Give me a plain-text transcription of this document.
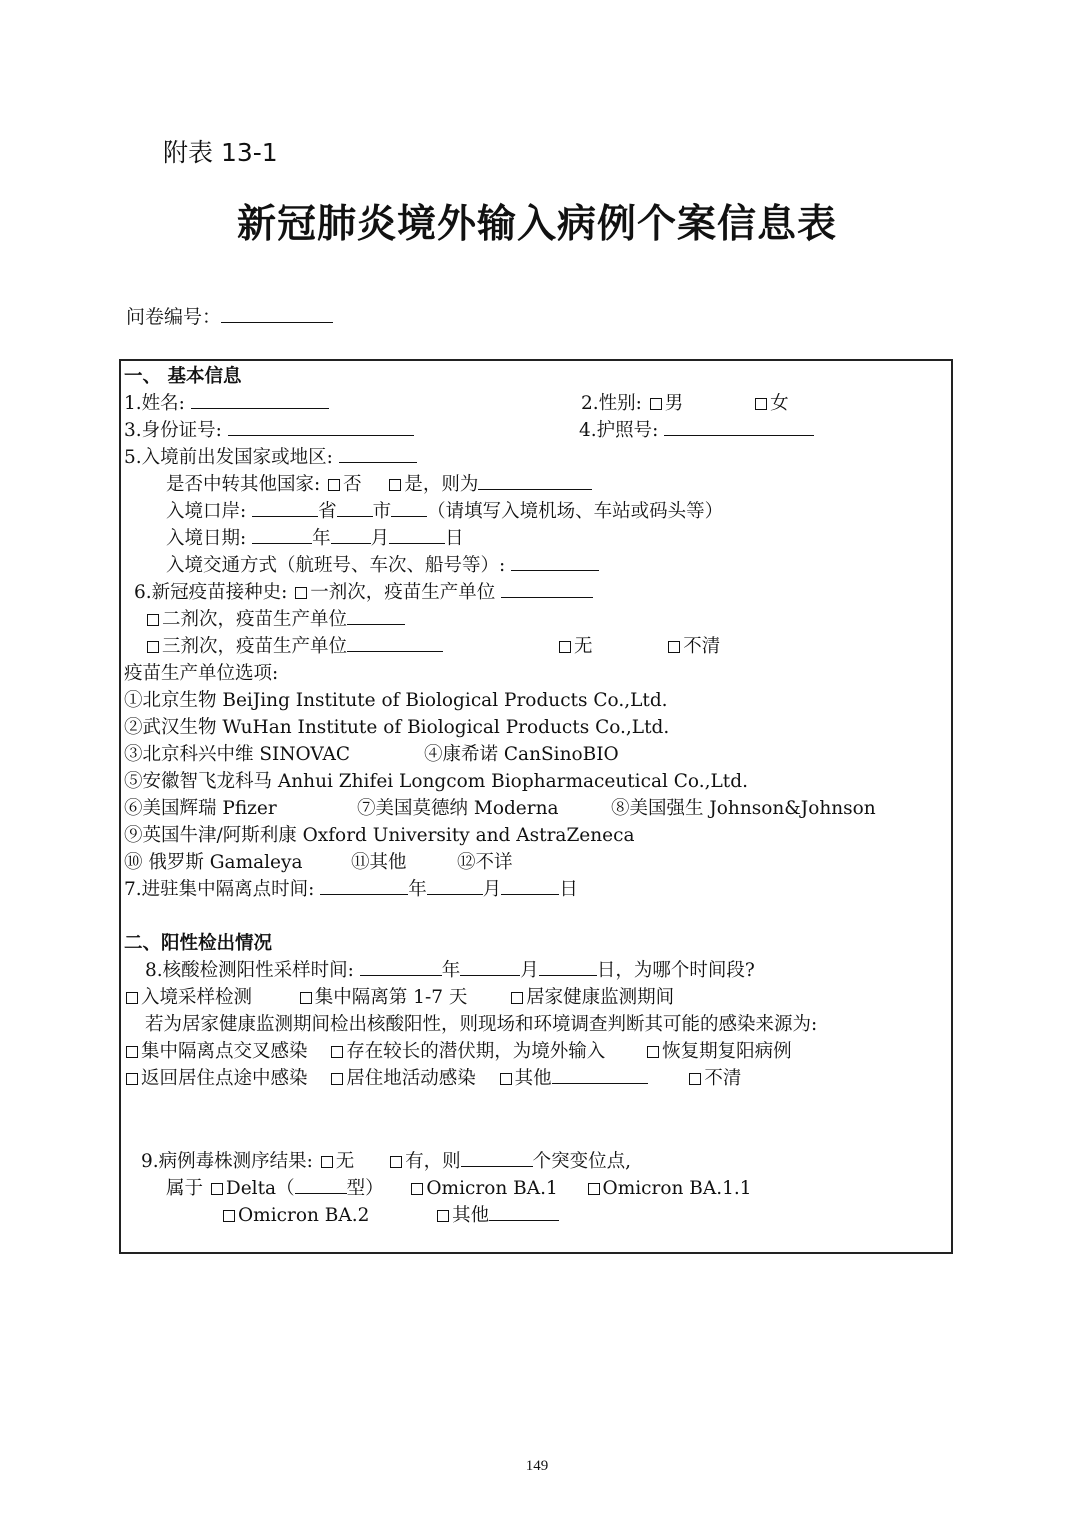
附表 13-1
新冠肺炎境外输入病例个案信息表
问卷编号：
一、 基本信息
1.姓名:	2.性别: 男	女
3.身份证号:	4.护照号:
5.入境前出发国家或地区:
是否中转其他国家: 否 是，则为
入境口岸:	省 市 （请填写入境机场、车站或码头等）
入境日期:	年 月	日
入境交通方式（航班号、车次、船号等）:
6.新冠疫苗接种史: 一剂次，疫苗生产单位
二剂次，疫苗生产单位
三剂次，疫苗生产单位	无	不清
疫苗生产单位选项:
①北京生物 BeiJing Institute of Biological Products Co.,Ltd.
②武汉生物 WuHan Institute of Biological Products Co.,Ltd.
③北京科兴中维 SINOVAC	④康希诺 CanSinoBIO
⑤安徽智飞龙科马 Anhui Zhifei Longcom Biopharmaceutical Co.,Ltd.
⑥美国辉瑞 Pfizer	⑦美国莫德纳 Moderna	⑧美国强生 Johnson&Johnson
⑨英国牛津/阿斯利康 Oxford University and AstraZeneca
⑩ 俄罗斯 Gamaleya	⑪其他	⑫不详
7.进驻集中隔离点时间:	年	月	日
二、阳性检出情况
8.核酸检测阳性采样时间:	年	月	日，为哪个时间段?
入境采样检测	集中隔离第 1-7 天	居家健康监测期间
若为居家健康监测期间检出核酸阳性，则现场和环境调查判断其可能的感染来源为:
集中隔离点交叉感染 存在较长的潜伏期，为境外输入	恢复期复阳病例
返回居住点途中感染 居住地活动感染 其他	不清
9.病例毒株测序结果: 无	有，则	个突变位点,
属于 Delta（	型） Omicron BA.1 Omicron BA.1.1
Omicron BA.2	其他
149
